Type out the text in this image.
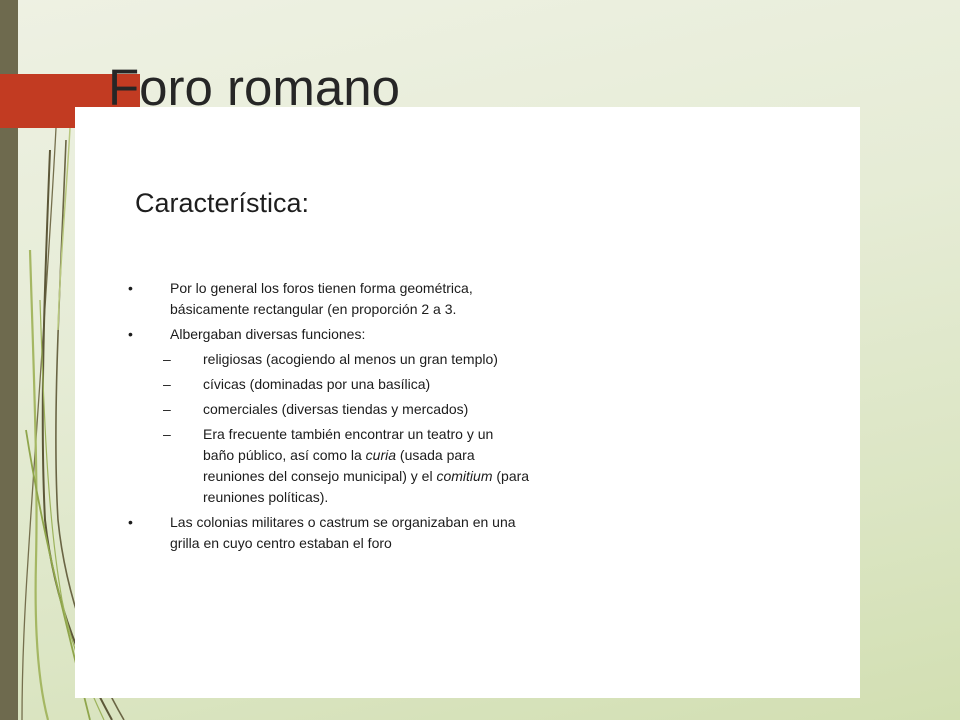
Foro romano
Característica:
•	Por lo general los foros tienen forma geométrica,
básicamente rectangular (en proporción 2 a 3.
•	Albergaban diversas funciones:
– religiosas (acogiendo al menos un gran templo)
– cívicas (dominadas por una basílica)
– comerciales (diversas tiendas y mercados)
– Era frecuente también encontrar un teatro y un
baño público, así como la curia (usada para
reuniones del consejo municipal) y el comitium (para
reuniones políticas).
•	Las colonias militares o castrum se organizaban en una
grilla en cuyo centro estaban el foro
